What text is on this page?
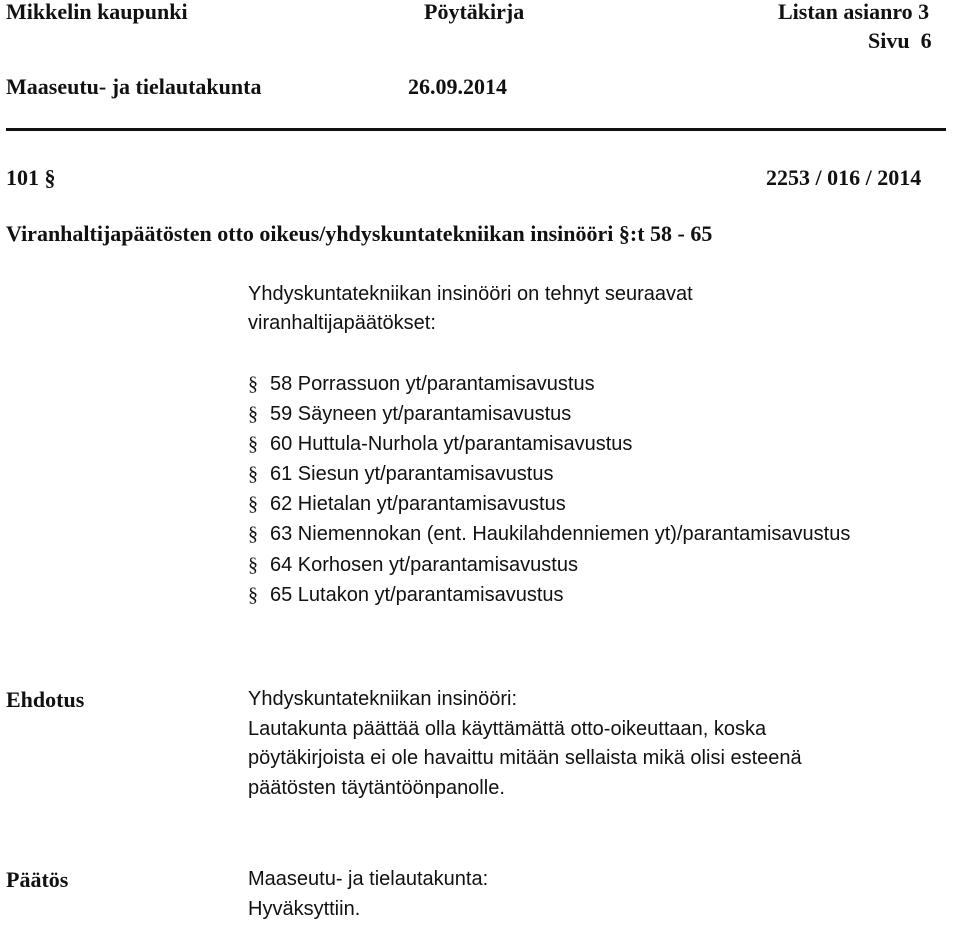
Mikkelin kaupunki	Pöytäkirja	Listan asianro 3
Sivu  6
Maaseutu- ja tielautakunta	26.09.2014
101 §	2253 / 016 / 2014
Viranhaltijapäätösten otto oikeus/yhdyskuntatekniikan insinööri §:t 58 - 65
Yhdyskuntatekniikan insinööri on tehnyt seuraavat
viranhaltijapäätökset:
§ 58 Porrassuon yt/parantamisavustus
§ 59 Säyneen yt/parantamisavustus
§ 60 Huttula-Nurhola yt/parantamisavustus
§ 61 Siesun yt/parantamisavustus
§ 62 Hietalan yt/parantamisavustus
§ 63 Niemennokan (ent. Haukilahdenniemen yt)/parantamisavustus
§ 64 Korhosen yt/parantamisavustus
§ 65 Lutakon yt/parantamisavustus
Ehdotus	Yhdyskuntatekniikan insinööri:
Lautakunta päättää olla käyttämättä otto-oikeuttaan, koska
pöytäkirjoista ei ole havaittu mitään sellaista mikä olisi esteenä
päätösten täytäntöönpanolle.
Päätös	Maaseutu- ja tielautakunta:
Hyväksyttiin.
